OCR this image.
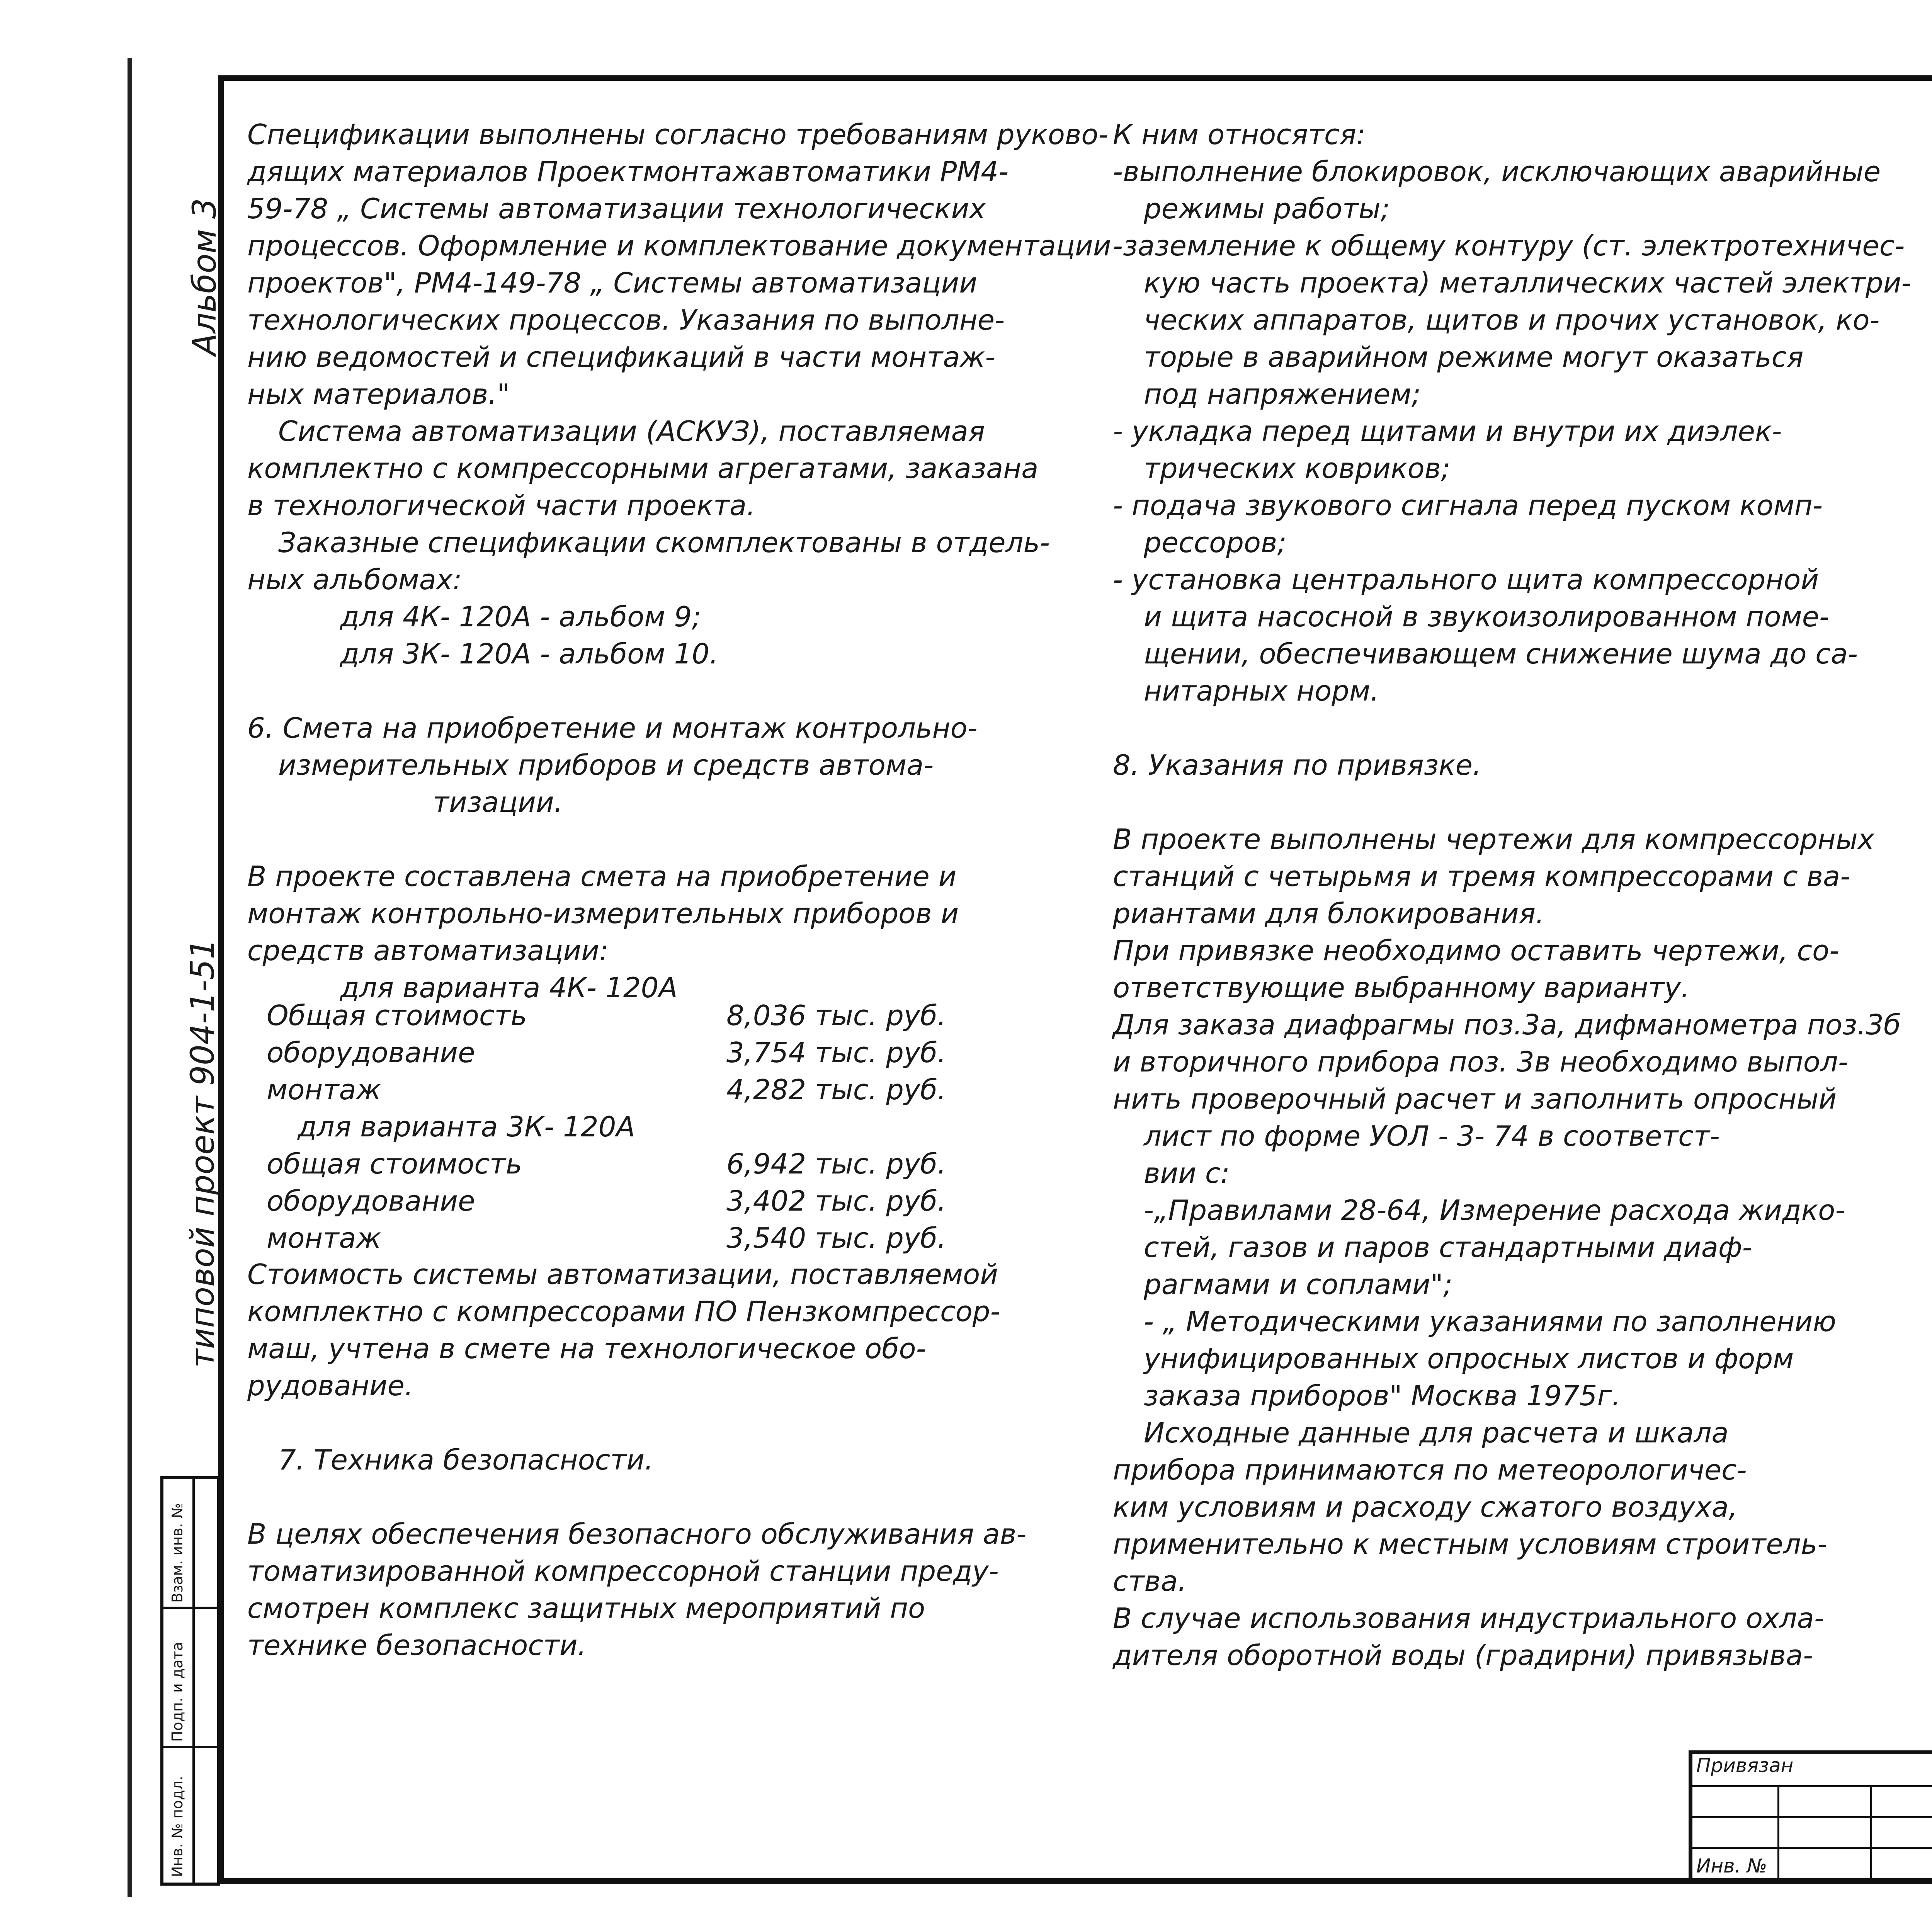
Альбом 3
типовой проект 904-1-51
Инв. № подл.
Подп. и дата
Взам. инв. №

Спецификации выполнены согласно требованиям руково-

дящих материалов Проектмонтажавтоматики РМ4-

59-78 „ Системы автоматизации технологических

процессов. Оформление и комплектование документации

проектов", РМ4-149-78 „ Системы автоматизации

технологических процессов. Указания по выполне-

нию ведомостей и спецификаций в части монтаж-

ных материалов."

Система автоматизации (АСКУЗ), поставляемая

комплектно с компрессорными агрегатами, заказана

в технологической части проекта.

Заказные спецификации скомплектованы в отдель-

ных альбомах:

для 4К- 120А - альбом 9;

для 3К- 120А - альбом 10.

6. Смета на приобретение и монтаж контрольно-

измерительных приборов и средств автома-

тизации.

В проекте составлена смета на приобретение и

монтаж контрольно-измерительных приборов и

средств автоматизации:

для варианта 4К- 120А

Общая стоимость

оборудование

монтаж

для варианта 3К- 120А

общая стоимость

оборудование

монтаж

8,036 тыс. руб.

3,754 тыс. руб.

4,282 тыс. руб.

6,942 тыс. руб.

3,402 тыс. руб.

3,540 тыс. руб.

Стоимость системы автоматизации, поставляемой

комплектно с компрессорами ПО Пензкомпрессор-

маш, учтена в смете на технологическое обо-

рудование.

7. Техника безопасности.

В целях обеспечения безопасного обслуживания ав-

томатизированной компрессорной станции преду-

смотрен комплекс защитных мероприятий по

технике безопасности.

К ним относятся:

-выполнение блокировок, исключающих аварийные

режимы работы;

-заземление к общему контуру (ст. электротехничес-

кую часть проекта) металлических частей электри-

ческих аппаратов, щитов и прочих установок, ко-

торые в аварийном режиме могут оказаться

под напряжением;

- укладка перед щитами и внутри их диэлек-

трических ковриков;

- подача звукового сигнала перед пуском комп-

рессоров;

- установка центрального щита компрессорной

и щита насосной в звукоизолированном поме-

щении, обеспечивающем снижение шума до са-

нитарных норм.

8. Указания по привязке.

В проекте выполнены чертежи для компрессорных

станций с четырьмя и тремя компрессорами с ва-

риантами для блокирования.

При привязке необходимо оставить чертежи, со-

ответствующие выбранному варианту.

Для заказа диафрагмы поз.3а, дифманометра поз.3б

и вторичного прибора поз. 3в необходимо выпол-

нить проверочный расчет и заполнить опросный

лист по форме УОЛ - 3- 74 в соответст-

вии с:

-„Правилами 28-64, Измерение расхода жидко-

стей, газов и паров стандартными диаф-

рагмами и соплами";

- „ Методическими указаниями по заполнению

унифицированных опросных листов и форм

заказа приборов" Москва 1975г.

Исходные данные для расчета и шкала

прибора принимаются по метеорологичес-

ким условиям и расходу сжатого воздуха,

применительно к местным условиям строитель-

ства.

В случае использования индустриального охла-

дителя оборотной воды (градирни) привязыва-

Привязан
Инв. №
